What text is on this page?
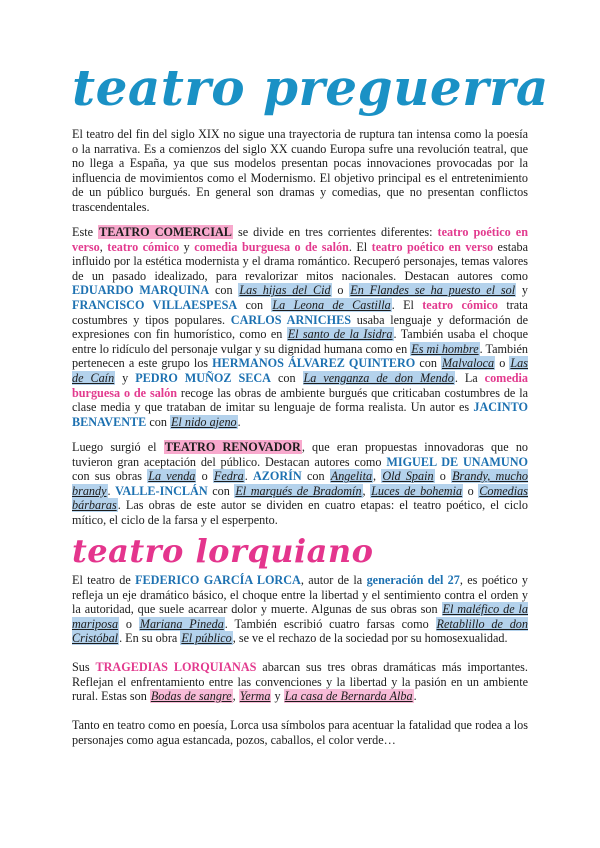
teatro preguerra

El teatro del fin del siglo XIX no sigue una trayectoria de ruptura tan intensa como la poesía o la narrativa. Es a comienzos del siglo XX cuando Europa sufre una revolución teatral, que no llega a España, ya que sus modelos presentan pocas innovaciones provocadas por la influencia de movimientos como el Modernismo. El objetivo principal es el entretenimiento de un público burgués. En general son dramas y comedias, que no presentan conflictos trascendentales.

Este TEATRO COMERCIAL se divide en tres corrientes diferentes: teatro poético en verso, teatro cómico y comedia burguesa o de salón. El teatro poético en verso estaba influido por la estética modernista y el drama romántico. Recuperó personajes, temas valores de un pasado idealizado, para revalorizar mitos nacionales. Destacan autores como EDUARDO MARQUINA con Las hijas del Cid o En Flandes se ha puesto el sol y FRANCISCO VILLAESPESA con La Leona de Castilla. El teatro cómico trata costumbres y tipos populares. CARLOS ARNICHES usaba lenguaje y deformación de expresiones con fin humorístico, como en El santo de la Isidra. También usaba el choque entre lo ridículo del personaje vulgar y su dignidad humana como en Es mi hombre. También pertenecen a este grupo los HERMANOS ÁLVAREZ QUINTERO con Malvaloca o Las de Caín y PEDRO MUÑOZ SECA con La venganza de don Mendo. La comedia burguesa o de salón recoge las obras de ambiente burgués que criticaban costumbres de la clase media y que trataban de imitar su lenguaje de forma realista. Un autor es JACINTO BENAVENTE con El nido ajeno.

Luego surgió el TEATRO RENOVADOR, que eran propuestas innovadoras que no tuvieron gran aceptación del público. Destacan autores como MIGUEL DE UNAMUNO con sus obras La venda o Fedra. AZORÍN con Angelita, Old Spain o Brandy, mucho brandy. VALLE-INCLÁN con El marqués de Bradomín, Luces de bohemia o Comedias bárbaras. Las obras de este autor se dividen en cuatro etapas: el teatro poético, el ciclo mítico, el ciclo de la farsa y el esperpento.

teatro lorquiano

El teatro de FEDERICO GARCÍA LORCA, autor de la generación del 27, es poético y refleja un eje dramático básico, el choque entre la libertad y el sentimiento contra el orden y la autoridad, que suele acarrear dolor y muerte. Algunas de sus obras son El maléfico de la mariposa o Mariana Pineda. También escribió cuatro farsas como Retablillo de don Cristóbal. En su obra El público, se ve el rechazo de la sociedad por su homosexualidad.

Sus TRAGEDIAS LORQUIANAS abarcan sus tres obras dramáticas más importantes. Reflejan el enfrentamiento entre las convenciones y la libertad y la pasión en un ambiente rural. Estas son Bodas de sangre, Yerma y La casa de Bernarda Alba.

Tanto en teatro como en poesía, Lorca usa símbolos para acentuar la fatalidad que rodea a los personajes como agua estancada, pozos, caballos, el color verde…
